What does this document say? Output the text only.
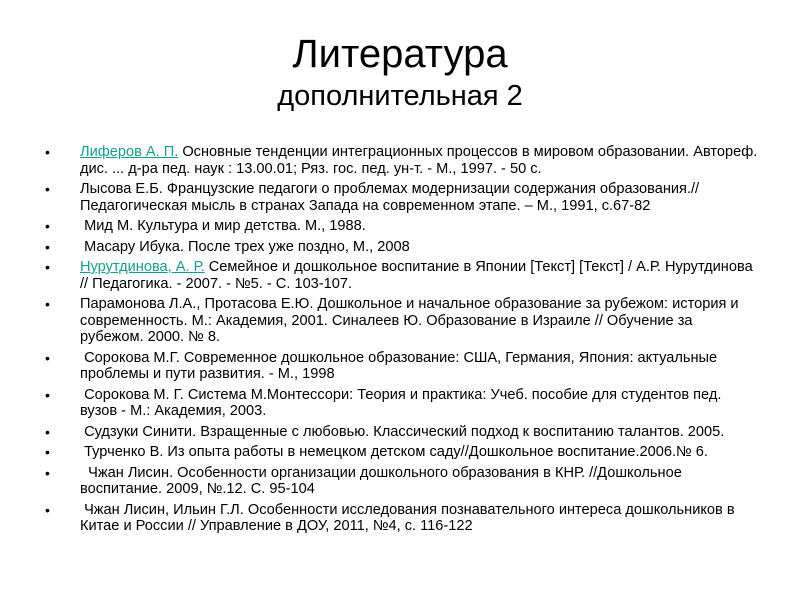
Литература
дополнительная 2
• Лиферов А. П. Основные тенденции интеграционных процессов в мировом образовании. Автореф. дис. ... д-ра пед. наук : 13.00.01; Ряз. гос. пед. ун-т. - М., 1997. - 50 с.
• Лысова Е.Б. Французские педагоги о проблемах модернизации содержания образования.// Педагогическая мысль в странах Запада на современном этапе. – М., 1991, с.67-82
• Мид М. Культура и мир детства. М., 1988.
• Масару Ибука. После трех уже поздно, М., 2008
• Нурутдинова, А. Р. Семейное и дошкольное воспитание в Японии [Текст] [Текст] / А.Р. Нурутдинова // Педагогика. - 2007. - №5. - С. 103-107.
• Парамонова Л.А., Протасова Е.Ю. Дошкольное и начальное образование за рубежом: история и современность. М.: Академия, 2001. Синалеев Ю. Образование в Израиле // Обучение за рубежом. 2000. № 8.
• Сорокова М.Г. Современное дошкольное образование: США, Германия, Япония: актуальные проблемы и пути развития. - М., 1998
• Сорокова М. Г. Система М.Монтессори: Теория и практика: Учеб. пособие для студентов пед. вузов - М.: Академия, 2003.
• Судзуки Синити. Взращенные с любовью. Классический подход к воспитанию талантов. 2005.
• Турченко В. Из опыта работы в немецком детском саду//Дошкольное воспитание.2006.№ 6.
• Чжан Лисин. Особенности организации дошкольного образования в КНР. //Дошкольное воспитание. 2009, №.12. С. 95-104
• Чжан Лисин, Ильин Г.Л. Особенности исследования познавательного интереса дошкольников в Китае и России // Управление в ДОУ, 2011, №4, с. 116-122
